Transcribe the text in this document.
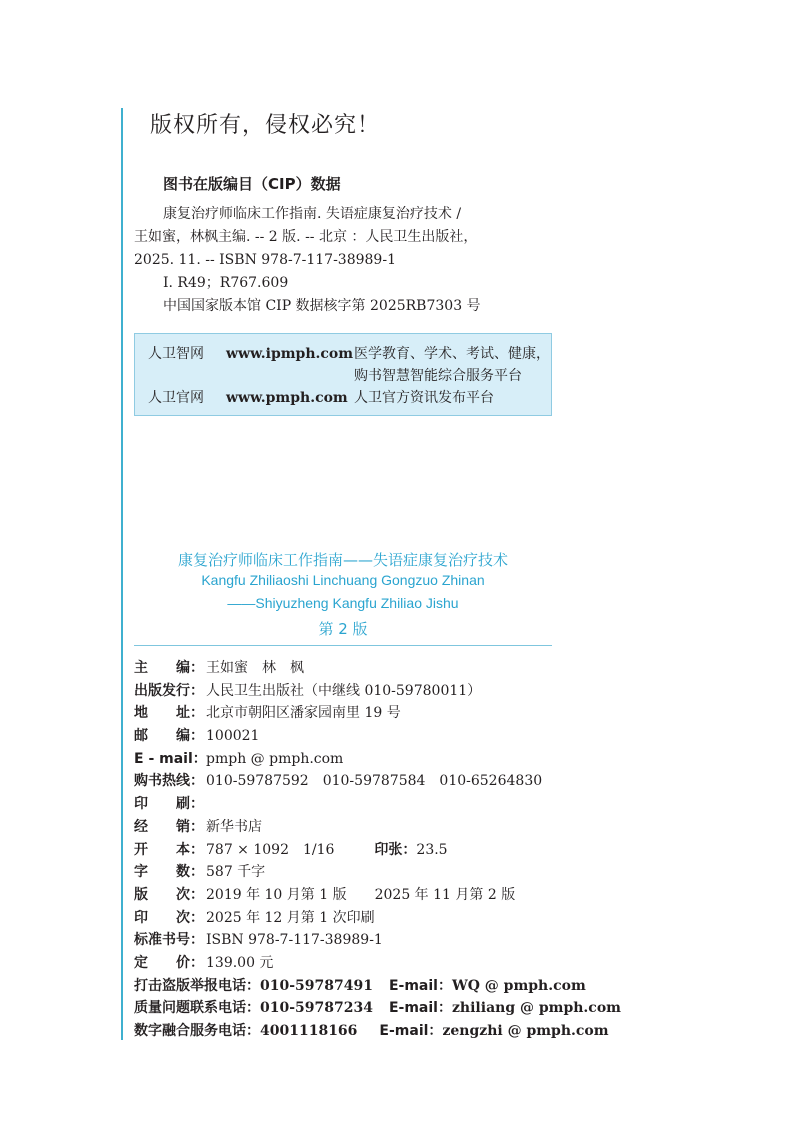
版权所有，侵权必究！
图书在版编目（CIP）数据
康复治疗师临床工作指南. 失语症康复治疗技术 /
王如蜜，林枫主编. -- 2 版. -- 北京 ：人民卫生出版社，
2025. 11. -- ISBN 978-7-117-38989-1
Ⅰ. R49；R767.609
中国国家版本馆 CIP 数据核字第 2025RB7303 号
人卫智网 www.ipmph.com 医学教育、学术、考试、健康，
购书智慧智能综合服务平台
人卫官网 www.pmph.com 人卫官方资讯发布平台
康复治疗师临床工作指南——失语症康复治疗技术
Kangfu Zhiliaoshi Linchuang Gongzuo Zhinan
——Shiyuzheng Kangfu Zhiliao Jishu
第 2 版
主　　编： 王如蜜　林　枫
出版发行： 人民卫生出版社（中继线 010-59780011）
地　　址： 北京市朝阳区潘家园南里 19 号
邮　　编： 100021
E - mail：pmph @ pmph.com
购书热线： 010-59787592　010-59787584　010-65264830
印　　刷：
经　　销： 新华书店
开　　本： 787 × 1092　1/16	印张：23.5
字　　数： 587 千字
版　　次： 2019 年 10 月第 1 版　　2025 年 11 月第 2 版
印　　次： 2025 年 12 月第 1 次印刷
标准书号： ISBN 978-7-117-38989-1
定　　价： 139.00 元
打击盗版举报电话：010-59787491 E-mail：WQ @ pmph.com
质量问题联系电话：010-59787234 E-mail：zhiliang @ pmph.com
数字融合服务电话：4001118166 E-mail：zengzhi @ pmph.com
